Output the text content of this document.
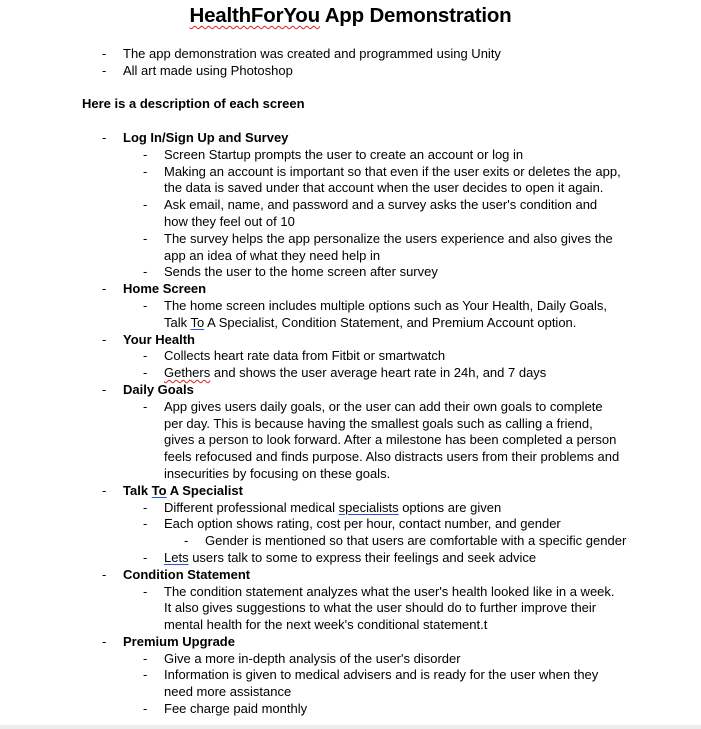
HealthForYou App Demonstration
-	The app demonstration was created and programmed using Unity
-	All art made using Photoshop
Here is a description of each screen
-	Log In/Sign Up and Survey
-	Screen Startup prompts the user to create an account or log in
-	Making an account is important so that even if the user exits or deletes the app, the data is saved under that account when the user decides to open it again.
-	Ask email, name, and password and a survey asks the user's condition and how they feel out of 10
-	The survey helps the app personalize the users experience and also gives the app an idea of what they need help in
-	Sends the user to the home screen after survey
-	Home Screen
-	The home screen includes multiple options such as Your Health, Daily Goals, Talk To A Specialist, Condition Statement, and Premium Account option.
-	Your Health
-	Collects heart rate data from Fitbit or smartwatch
-	Gethers and shows the user average heart rate in 24h, and 7 days
-	Daily Goals
-	App gives users daily goals, or the user can add their own goals to complete per day. This is because having the smallest goals such as calling a friend, gives a person to look forward. After a milestone has been completed a person feels refocused and finds purpose. Also distracts users from their problems and insecurities by focusing on these goals.
-	Talk To A Specialist
-	Different professional medical specialists options are given
-	Each option shows rating, cost per hour, contact number, and gender
-	Gender is mentioned so that users are comfortable with a specific gender
-	Lets users talk to some to express their feelings and seek advice
-	Condition Statement
-	The condition statement analyzes what the user's health looked like in a week. It also gives suggestions to what the user should do to further improve their mental health for the next week's conditional statement.t
-	Premium Upgrade
-	Give a more in-depth analysis of the user's disorder
-	Information is given to medical advisers and is ready for the user when they need more assistance
-	Fee charge paid monthly
